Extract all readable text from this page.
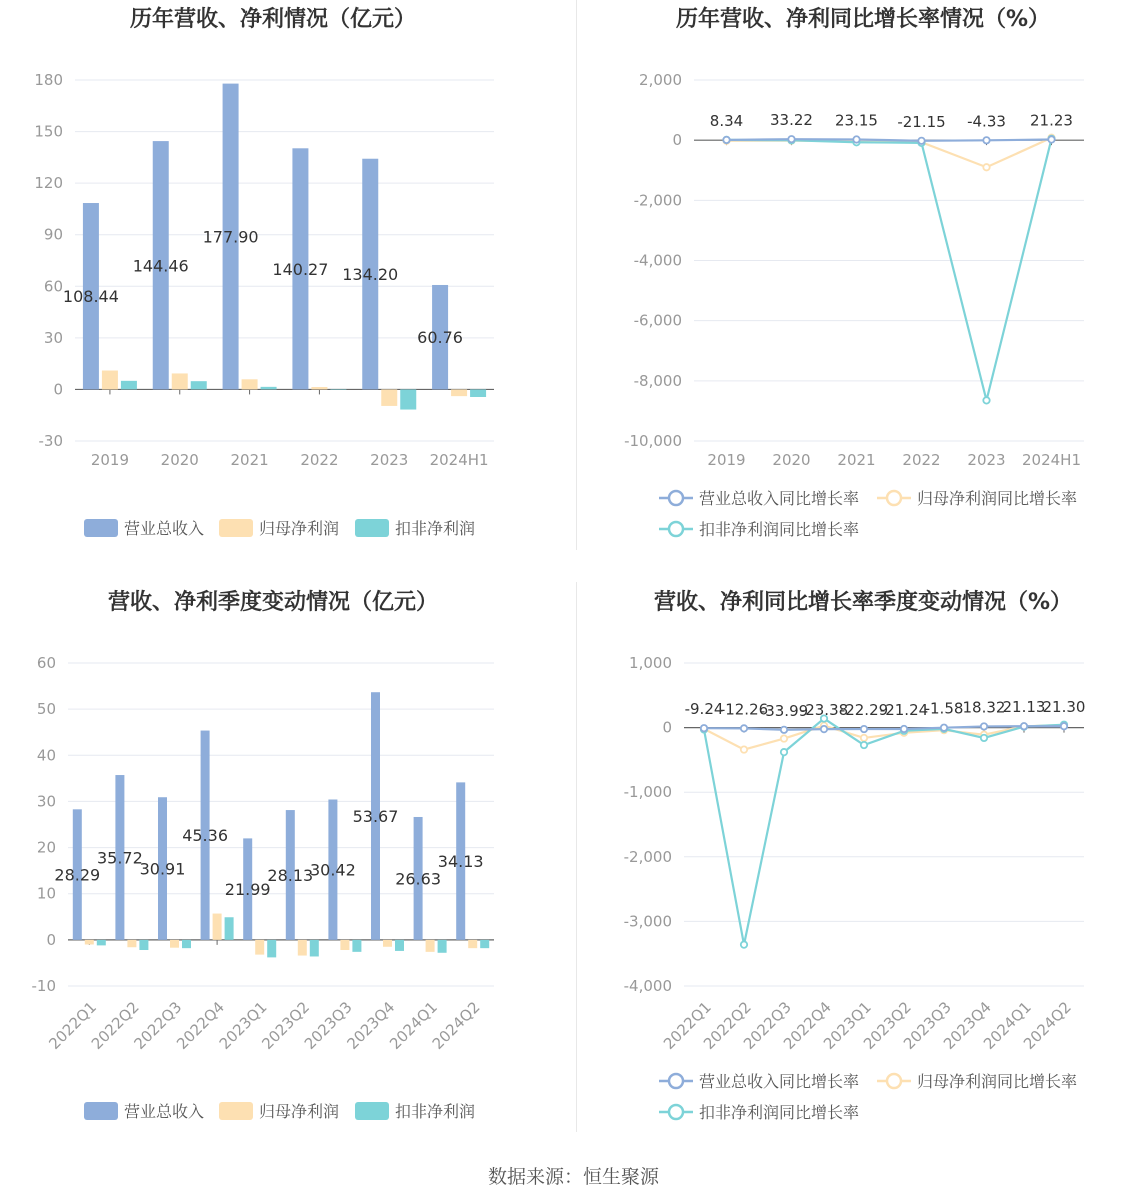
历年营收、净利情况（亿元）
-30
0
30
60
90
120
150
180
2019 2020 2021 2022 2023 2024H1
108.44
144.46
177.90
140.27 134.20
60.76
营业总收入	归母净利润	扣非净利润
历年营收、净利同比增长率情况（%）
-10,000
-8,000
-6,000
-4,000
-2,000
0
2,000
2019 2020 2021 2022 2023 2024H1
8.34 33.22 23.15 -21.15 -4.33 21.23
营业总收入同比增长率	归母净利润同比增长率
扣非净利润同比增长率
营收、净利季度变动情况（亿元）
-10
0
10
20
30
40
50
60
2022Q1
2022Q2
2022Q3
2022Q4
2023Q1
2023Q2
2023Q3
2023Q4
2024Q1
2024Q2
28.29
35.72
30.91
45.36
21.99
28.13
30.42
53.67
26.63
34.13
营业总收入	归母净利润	扣非净利润
营收、净利同比增长率季度变动情况（%）
-4,000
-3,000
-2,000
-1,000
0
1,000
2022Q1
2022Q2
2022Q3
2022Q4
2023Q1
2023Q2
2023Q3
2023Q4
2024Q1
2024Q2
-9.24
-12.26
-33.99
-23.38
-22.29
-21.24
-1.58 18.32
21.13
21.30
营业总收入同比增长率	归母净利润同比增长率
扣非净利润同比增长率
数据来源：恒生聚源
